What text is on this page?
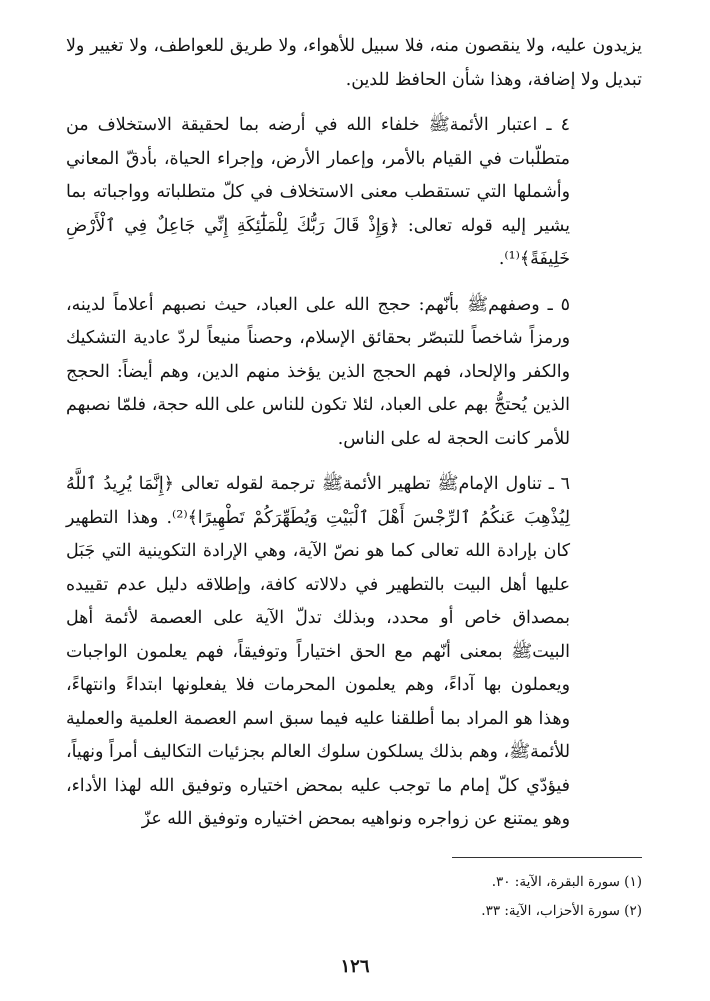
يزيدون عليه، ولا ينقصون منه، فلا سبيل للأهواء، ولا طريق للعواطف، ولا تغيير ولا تبديل ولا إضافة، وهذا شأن الحافظ للدين.

٤ ـ اعتبار الأئمةﷺ خلفاء الله في أرضه بما لحقيقة الاستخلاف من متطلّبات في القيام بالأمر، وإعمار الأرض، وإجراء الحياة، بأدقّ المعاني وأشملها التي تستقطب معنى الاستخلاف في كلّ متطلباته وواجباته بما يشير إليه قوله تعالى: ﴿وَإِذْ قَالَ رَبُّكَ لِلْمَلَٰٓئِكَةِ إِنِّي جَاعِلٌ فِي ٱلْأَرْضِ خَلِيفَةً﴾⁽¹⁾.

٥ ـ وصفهمﷺ بأنّهم: حجج الله على العباد، حيث نصبهم أعلاماً لدينه، ورمزاً شاخصاً للتبصّر بحقائق الإسلام، وحصناً منيعاً لردّ عادية التشكيك والكفر والإلحاد، فهم الحجج الذين يؤخذ منهم الدين، وهم أيضاً: الحجج الذين يُحتجُّ بهم على العباد، لئلا تكون للناس على الله حجة، فلمّا نصبهم للأمر كانت الحجة له على الناس.

٦ ـ تناول الإمامﷺ تطهير الأئمةﷺ ترجمة لقوله تعالى ﴿إِنَّمَا يُرِيدُ ٱللَّهُ لِيُذْهِبَ عَنكُمُ ٱلرِّجْسَ أَهْلَ ٱلْبَيْتِ وَيُطَهِّرَكُمْ تَطْهِيرًا﴾⁽²⁾. وهذا التطهير كان بإرادة الله تعالى كما هو نصّ الآية، وهي الإرادة التكوينية التي جَبَل عليها أهل البيت بالتطهير في دلالاته كافة، وإطلاقه دليل عدم تقييده بمصداق خاص أو محدد، وبذلك تدلّ الآية على العصمة لأئمة أهل البيتﷺ بمعنى أنّهم مع الحق اختياراً وتوفيقاً، فهم يعلمون الواجبات ويعملون بها آداءً، وهم يعلمون المحرمات فلا يفعلونها ابتداءً وانتهاءً، وهذا هو المراد بما أطلقنا عليه فيما سبق اسم العصمة العلمية والعملية للأئمةﷺ، وهم بذلك يسلكون سلوك العالم بجزئيات التكاليف أمراً ونهياً، فيؤدّي كلّ إمام ما توجب عليه بمحض اختياره وتوفيق الله لهذا الأداء، وهو يمتنع عن زواجره ونواهيه بمحض اختياره وتوفيق الله عزّ

(١) سورة البقرة، الآية: ٣٠.
(٢) سورة الأحزاب، الآية: ٣٣.
١٢٦
